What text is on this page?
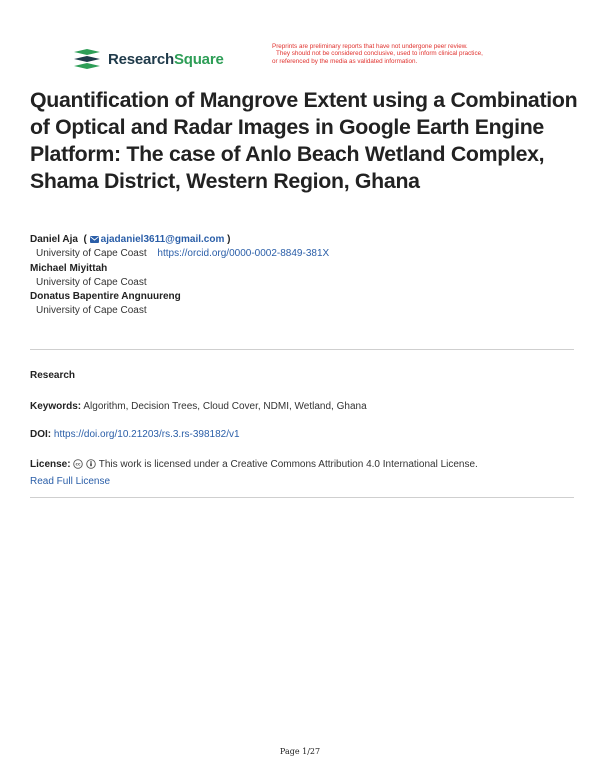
ResearchSquare
Preprints are preliminary reports that have not undergone peer review.
They should not be considered conclusive, used to inform clinical practice,
or referenced by the media as validated information.
Quantification of Mangrove Extent using a Combination of Optical and Radar Images in Google Earth Engine Platform: The case of Anlo Beach Wetland Complex, Shama District, Western Region, Ghana
Daniel Aja  ( ajadaniel3611@gmail.com )
University of Cape Coast https://orcid.org/0000-0002-8849-381X
Michael Miyittah
University of Cape Coast
Donatus Bapentire Angnuureng
University of Cape Coast
Research
Keywords: Algorithm, Decision Trees, Cloud Cover, NDMI, Wetland, Ghana
DOI: https://doi.org/10.21203/rs.3.rs-398182/v1
License: cc This work is licensed under a Creative Commons Attribution 4.0 International License.
Read Full License
Page 1/27
